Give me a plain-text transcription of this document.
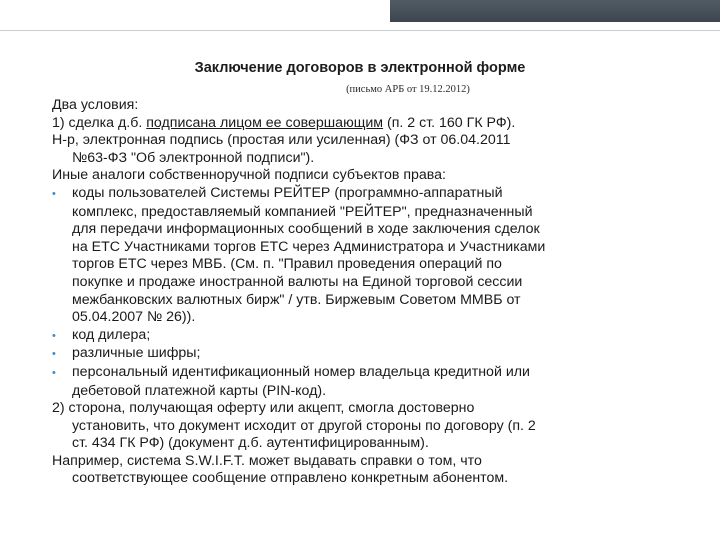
Заключение договоров в электронной форме
(письмо АРБ от 19.12.2012)
Два условия:
1) сделка д.б. подписана лицом ее совершающим (п. 2 ст. 160 ГК РФ).
Н-р, электронная подпись (простая или усиленная) (ФЗ от 06.04.2011
№63-ФЗ "Об электронной подписи").
Иные аналоги собственноручной подписи субъектов права:
• коды пользователей Системы РЕЙТЕР (программно-аппаратный
комплекс, предоставляемый компанией "РЕЙТЕР", предназначенный
для передачи информационных сообщений в ходе заключения сделок
на ЕТС Участниками торгов ЕТС через Администратора и Участниками
торгов ЕТС через МВБ. (См. п. "Правил проведения операций по
покупке и продаже иностранной валюты на Единой торговой сессии
межбанковских валютных бирж" / утв. Биржевым Советом ММВБ от
05.04.2007 № 26)).
• код дилера;
• различные шифры;
• персональный идентификационный номер владельца кредитной или
дебетовой платежной карты (PIN-код).
2) сторона, получающая оферту или акцепт, смогла достоверно
установить, что документ исходит от другой стороны по договору (п. 2
ст. 434 ГК РФ) (документ д.б. аутентифицированным).
Например, система S.W.I.F.T. может выдавать справки о том, что
соответствующее сообщение отправлено конкретным абонентом.
